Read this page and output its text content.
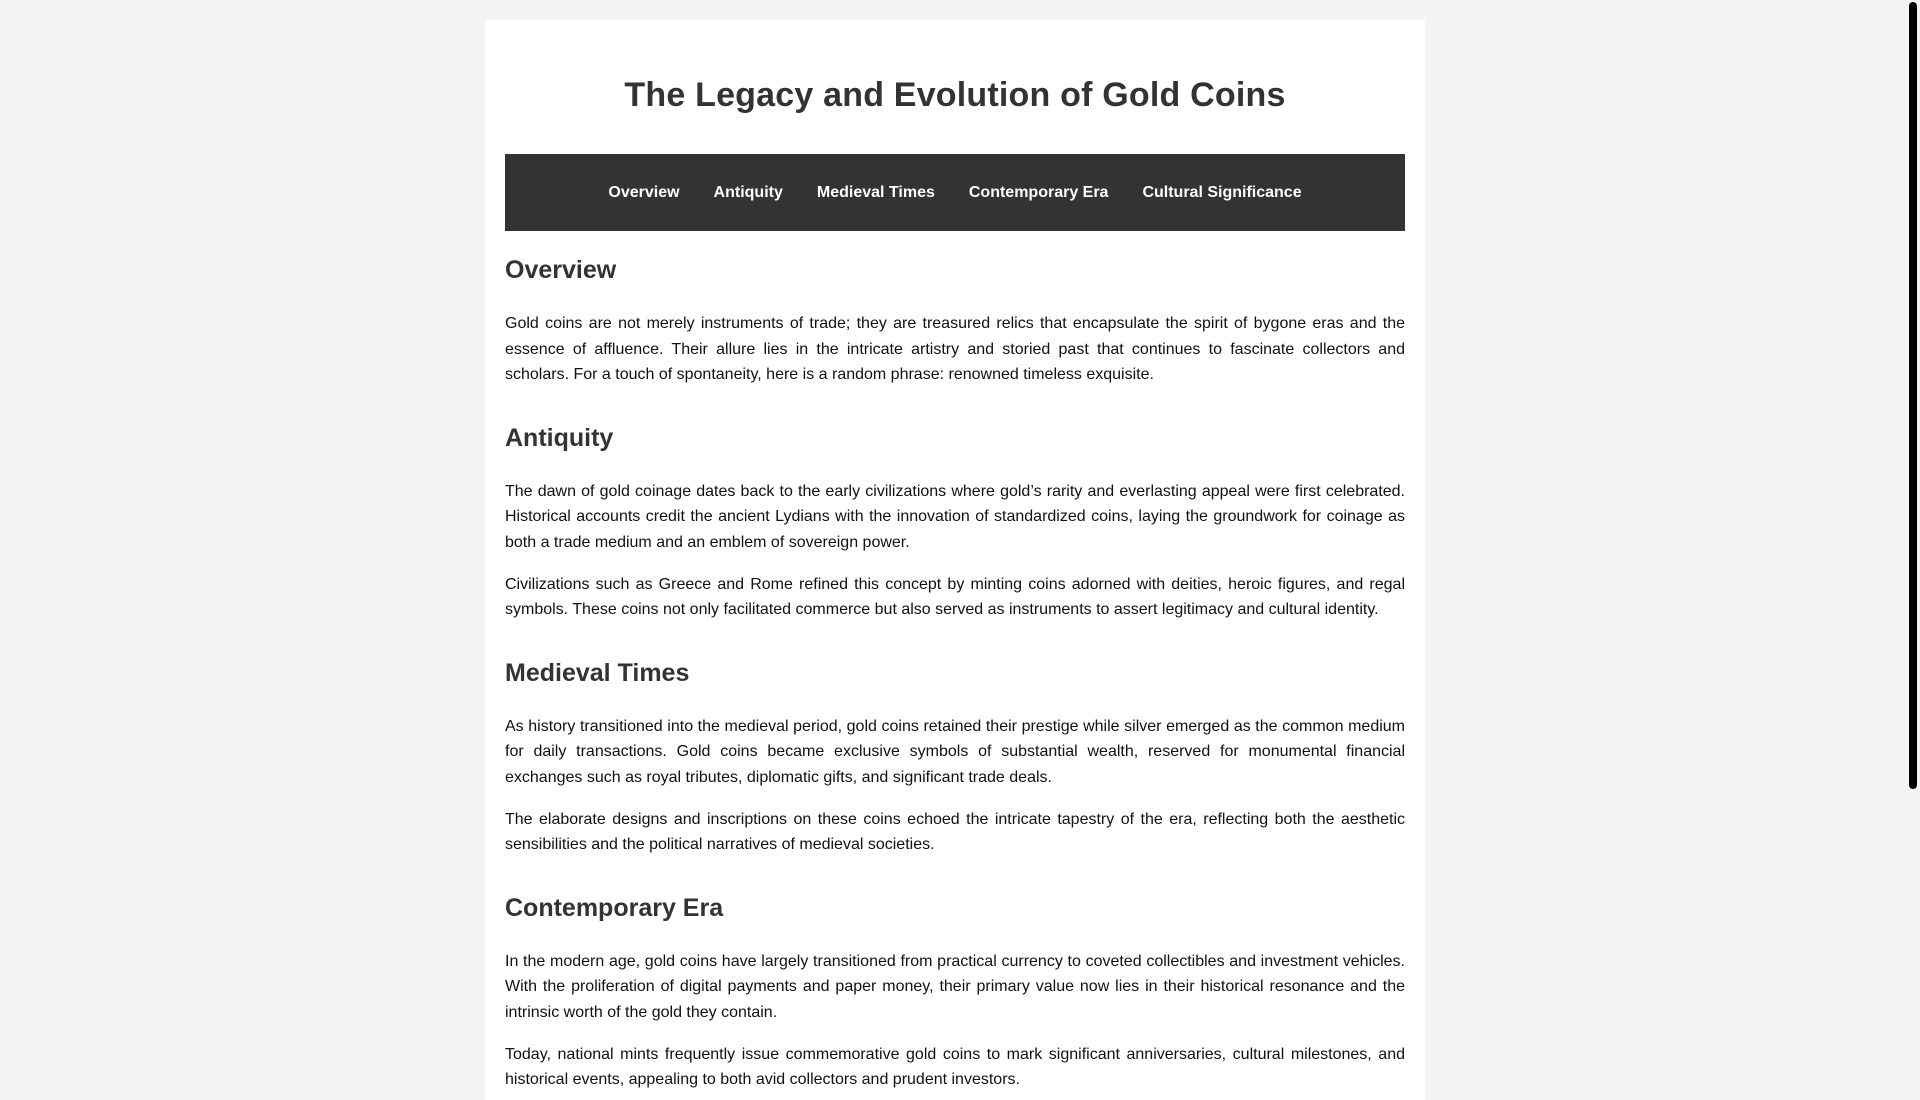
The Legacy and Evolution of Gold Coins
Overview Antiquity Medieval Times Contemporary Era Cultural Significance
Overview

Gold coins are not merely instruments of trade; they are treasured relics that encapsulate the spirit of bygone eras and the essence of affluence. Their allure lies in the intricate artistry and storied past that continues to fascinate collectors and scholars. For a touch of spontaneity, here is a random phrase: renowned timeless exquisite.

Antiquity

The dawn of gold coinage dates back to the early civilizations where gold’s rarity and everlasting appeal were first celebrated. Historical accounts credit the ancient Lydians with the innovation of standardized coins, laying the groundwork for coinage as both a trade medium and an emblem of sovereign power.

Civilizations such as Greece and Rome refined this concept by minting coins adorned with deities, heroic figures, and regal symbols. These coins not only facilitated commerce but also served as instruments to assert legitimacy and cultural identity.

Medieval Times

As history transitioned into the medieval period, gold coins retained their prestige while silver emerged as the common medium for daily transactions. Gold coins became exclusive symbols of substantial wealth, reserved for monumental financial exchanges such as royal tributes, diplomatic gifts, and significant trade deals.

The elaborate designs and inscriptions on these coins echoed the intricate tapestry of the era, reflecting both the aesthetic sensibilities and the political narratives of medieval societies.

Contemporary Era

In the modern age, gold coins have largely transitioned from practical currency to coveted collectibles and investment vehicles. With the proliferation of digital payments and paper money, their primary value now lies in their historical resonance and the intrinsic worth of the gold they contain.

Today, national mints frequently issue commemorative gold coins to mark significant anniversaries, cultural milestones, and historical events, appealing to both avid collectors and prudent investors.
